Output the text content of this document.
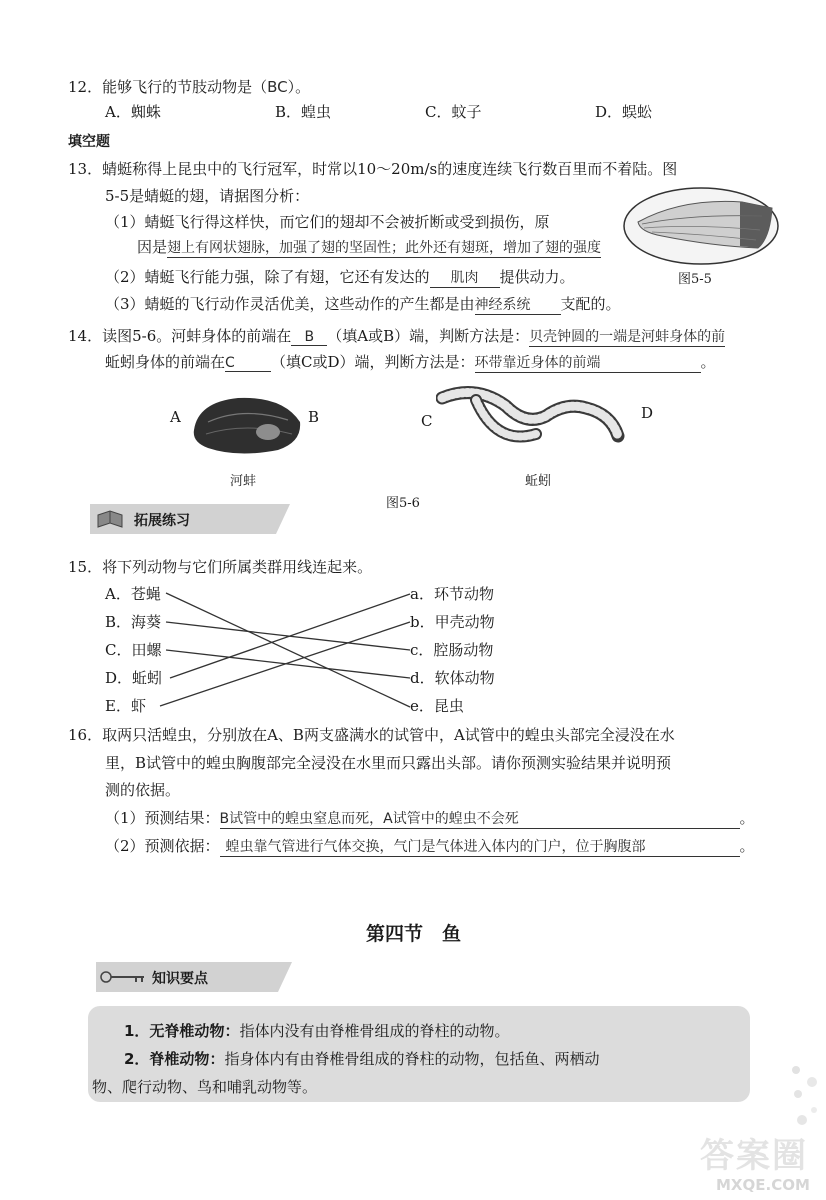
12．能够飞行的节肢动物是（BC）。
A．蜘蛛	B．蝗虫	C．蚊子	D．蜈蚣
填空题
13．蜻蜓称得上昆虫中的飞行冠军，时常以10～20m/s的速度连续飞行数百里而不着陆。图
5-5是蜻蜓的翅，请据图分析：
（1）蜻蜓飞行得这样快，而它们的翅却不会被折断或受到损伤，原
因是翅上有网状翅脉，加强了翅的坚固性；此外还有翅斑，增加了翅的强度
（2）蜻蜓飞行能力强，除了有翅，它还有发达的 肌肉 提供动力。
（3）蜻蜓的飞行动作灵活优美，这些动作的产生都是由神经系统 支配的。
图5-5
14．读图5-6。河蚌身体的前端在 B （填A或B）端，判断方法是：贝壳钟圆的一端是河蚌身体的前
蚯蚓身体的前端在C （填C或D）端，判断方法是：环带靠近身体的前端	。
A	B
河蚌
C	D
蚯蚓
图5-6
拓展练习
15．将下列动物与它们所属类群用线连起来。
A．苍蝇
B．海葵
C．田螺
D．蚯蚓
E．虾
a．环节动物
b．甲壳动物
c．腔肠动物
d．软体动物
e．昆虫
16．取两只活蝗虫，分别放在A、B两支盛满水的试管中，A试管中的蝗虫头部完全浸没在水
里，B试管中的蝗虫胸腹部完全浸没在水里而只露出头部。请你预测实验结果并说明预
测的依据。
（1）预测结果：B试管中的蝗虫窒息而死，A试管中的蝗虫不会死	。
（2）预测依据： 蝗虫靠气管进行气体交换，气门是气体进入体内的门户，位于胸腹部	。
第四节　鱼
知识要点
1．无脊椎动物：指体内没有由脊椎骨组成的脊柱的动物。
2．脊椎动物：指身体内有由脊椎骨组成的脊柱的动物，包括鱼、两栖动
物、爬行动物、鸟和哺乳动物等。
答案圈
MXQE.COM
